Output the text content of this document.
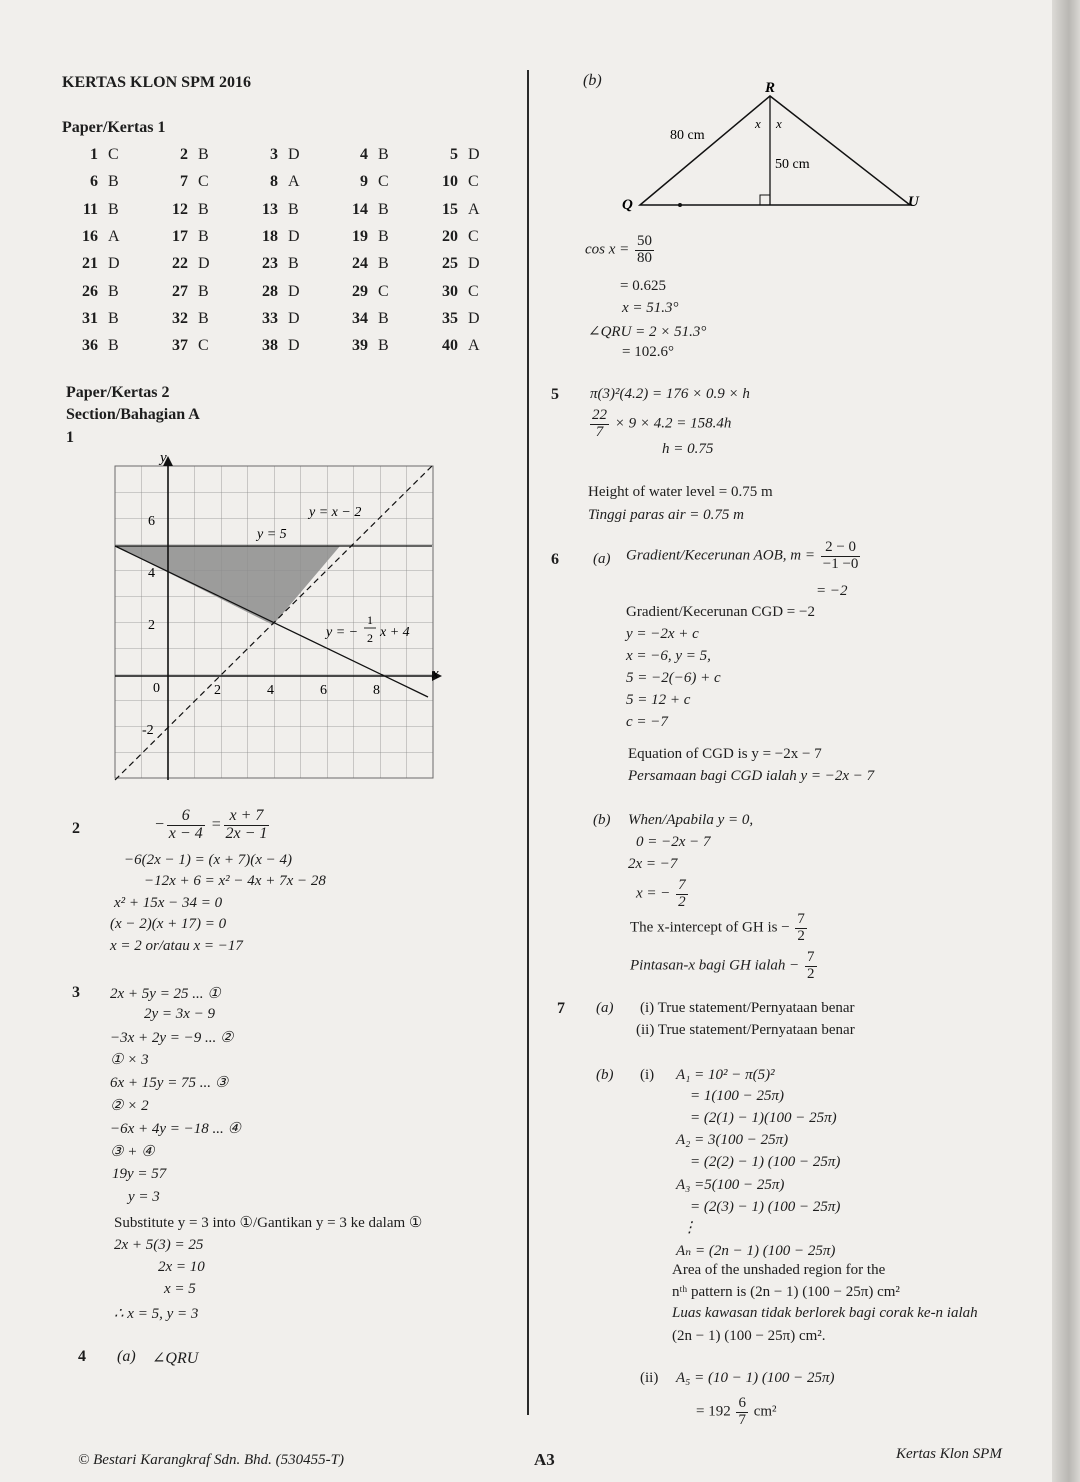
KERTAS KLON SPM 2016
Paper/Kertas 1
1 C	2 B	3 D	4 B	5 D
6 B	7 C	8 A	9 C	10 C
11 B	12 B	13 B	14 B	15 A
16 A	17 B	18 D	19 B	20 C
21 D	22 D	23 B	24 B	25 D
26 B	27 B	28 D	29 C	30 C
31 B	32 B	33 D	34 B	35 D
36 B	37 C	38 D	39 B	40 A
Paper/Kertas 2
Section/Bahagian A
1
y
x
6
4
2
-2
0	2	4	6	8
y = x − 2
y = 5
y = −
1
2 x + 4
2	− $\frac{6}{x - 4} = \frac{x + 7}{2x - 1}$
−6(2x − 1) = (x + 7)(x − 4)
−12x + 6 = x² − 4x + 7x − 28
x² + 15x − 34 = 0
(x − 2)(x + 17) = 0
x = 2 or/atau x = −17
3 2x + 5y = 25 ... ①
2y = 3x − 9
−3x + 2y = −9 ... ②
① × 3
6x + 15y = 75 ... ③
② × 2
−6x + 4y = −18 ... ④
③ + ④
19y = 57
y = 3
Substitute y = 3 into ①/Gantikan y = 3 ke dalam ①
2x + 5(3) = 25
2x = 10
x = 5
∴ x = 5, y = 3
4 (a) ∠QRU
(b)	R
Q	U
x x
80 cm
50 cm
$\cos x = \frac{50}{80}$
= 0.625
x = 51.3°
∠QRU = 2 × 51.3°
= 102.6°
5 π(3)²(4.2) = 176 × 0.9 × h
$\frac{22}{7} \times 9 \times 4.2 = 158.4h$
h = 0.75
Height of water level = 0.75 m
Tinggi paras air = 0.75 m
6 (a) Gradient/Kecerunan AOB, $m = \frac{2 - 0}{-1 -0}$
= −2
Gradient/Kecerunan CGD = −2
y = −2x + c
x = −6, y = 5,
5 = −2(−6) + c
5 = 12 + c
c = −7
Equation of CGD is y = −2x − 7
Persamaan bagi CGD ialah y = −2x − 7
(b) When/Apabila y = 0,
0 = −2x − 7
2x = −7
x = − $\frac{7}{2}$
The x-intercept of GH is − $\frac{7}{2}$
Pintasan-x bagi GH ialah − $\frac{7}{2}$
7 (a) (i) True statement/Pernyataan benar
(ii) True statement/Pernyataan benar
(b) (i) A₁ = 10² − π(5)²
= 1(100 − 25π)
= (2(1) − 1)(100 − 25π)
A₂ = 3(100 − 25π)
= (2(2) − 1) (100 − 25π)
A₃ =5(100 − 25π)
= (2(3) − 1) (100 − 25π)
⋮
Aₙ = (2n − 1) (100 − 25π)
Area of the unshaded region for the
nᵗʰ pattern is (2n − 1) (100 − 25π) cm²
Luas kawasan tidak berlorek bagi corak ke-n ialah
(2n − 1) (100 − 25π) cm².
(ii) A₅ = (10 − 1) (100 − 25π)
= $192 \frac{6}{7} cm^2$
© Bestari Karangkraf Sdn. Bhd. (530455-T)	A3	Kertas Klon SPM
